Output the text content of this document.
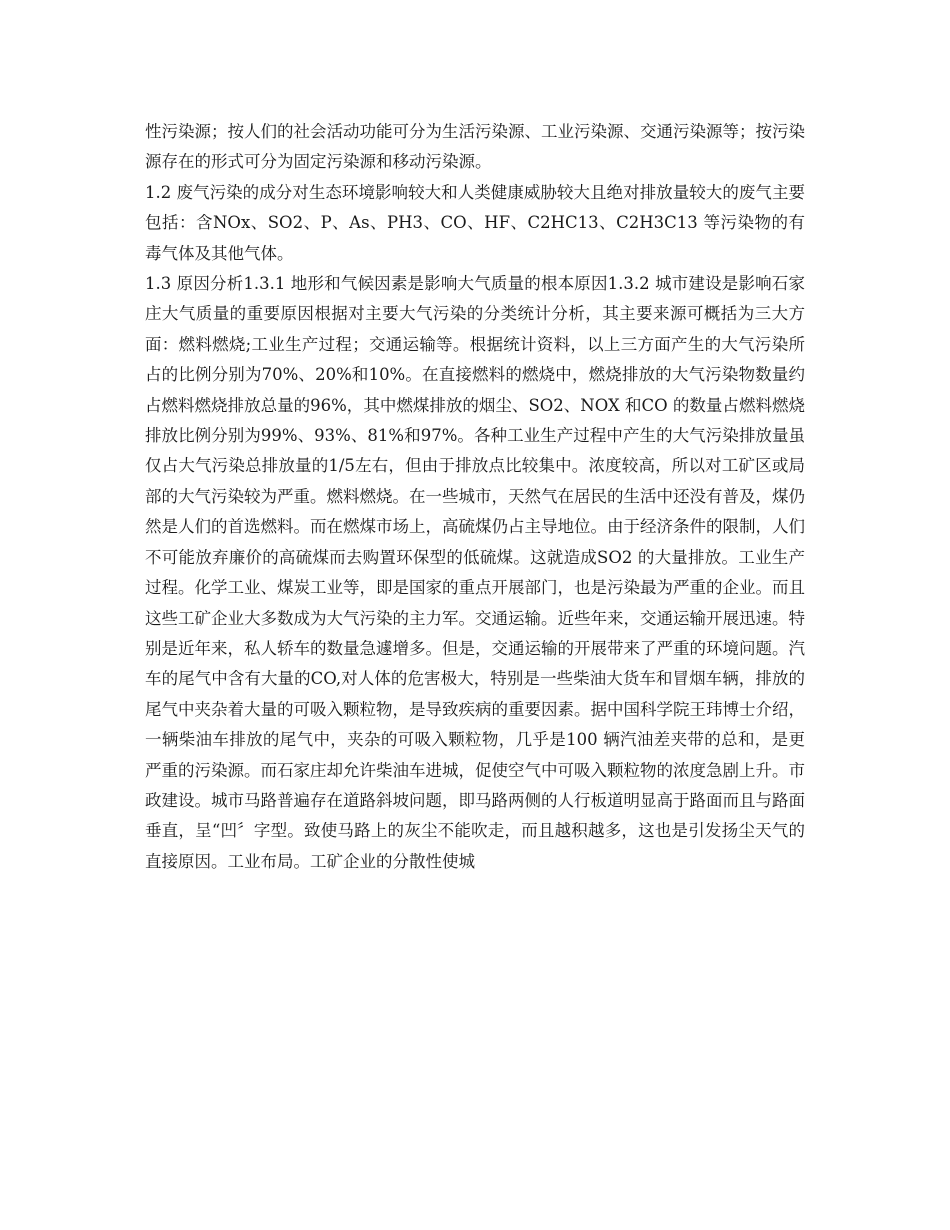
性污染源；按人们的社会活动功能可分为生活污染源、工业污染源、交通污染源等；按污染源存在的形式可分为固定污染源和移动污染源。

1.2 废气污染的成分对生态环境影响较大和人类健康威胁较大且绝对排放量较大的废气主要包括：含NOx、SO2、P、As、PH3、CO、HF、C2HC13、C2H3C13 等污染物的有毒气体及其他气体。

1.3 原因分析1.3.1 地形和气候因素是影响大气质量的根本原因1.3.2 城市建设是影响石家庄大气质量的重要原因根据对主要大气污染的分类统计分析，其主要来源可概括为三大方面：燃料燃烧;工业生产过程；交通运输等。根据统计资料，以上三方面产生的大气污染所占的比例分别为70%、20%和10%。在直接燃料的燃烧中，燃烧排放的大气污染物数量约占燃料燃烧排放总量的96%，其中燃煤排放的烟尘、SO2、NOX 和CO 的数量占燃料燃烧排放比例分别为99%、93%、81%和97%。各种工业生产过程中产生的大气污染排放量虽仅占大气污染总排放量的1/5左右，但由于排放点比较集中。浓度较高，所以对工矿区或局部的大气污染较为严重。燃料燃烧。在一些城市，天然气在居民的生活中还没有普及，煤仍然是人们的首选燃料。而在燃煤市场上，高硫煤仍占主导地位。由于经济条件的限制，人们不可能放弃廉价的高硫煤而去购置环保型的低硫煤。这就造成SO2 的大量排放。工业生产过程。化学工业、煤炭工业等，即是国家的重点开展部门，也是污染最为严重的企业。而且这些工矿企业大多数成为大气污染的主力军。交通运输。近些年来，交通运输开展迅速。特别是近年来，私人轿车的数量急遽增多。但是，交通运输的开展带来了严重的环境问题。汽车的尾气中含有大量的CO,对人体的危害极大，特别是一些柴油大货车和冒烟车辆，排放的尾气中夹杂着大量的可吸入颗粒物，是导致疾病的重要因素。据中国科学院王玮博士介绍，一辆柴油车排放的尾气中，夹杂的可吸入颗粒物，几乎是100 辆汽油差夹带的总和，是更严重的污染源。而石家庄却允许柴油车进城，促使空气中可吸入颗粒物的浓度急剧上升。市政建设。城市马路普遍存在道路斜坡问题，即马路两侧的人行板道明显高于路面而且与路面垂直，呈“凹〞字型。致使马路上的灰尘不能吹走，而且越积越多，这也是引发扬尘天气的直接原因。工业布局。工矿企业的分散性使城
